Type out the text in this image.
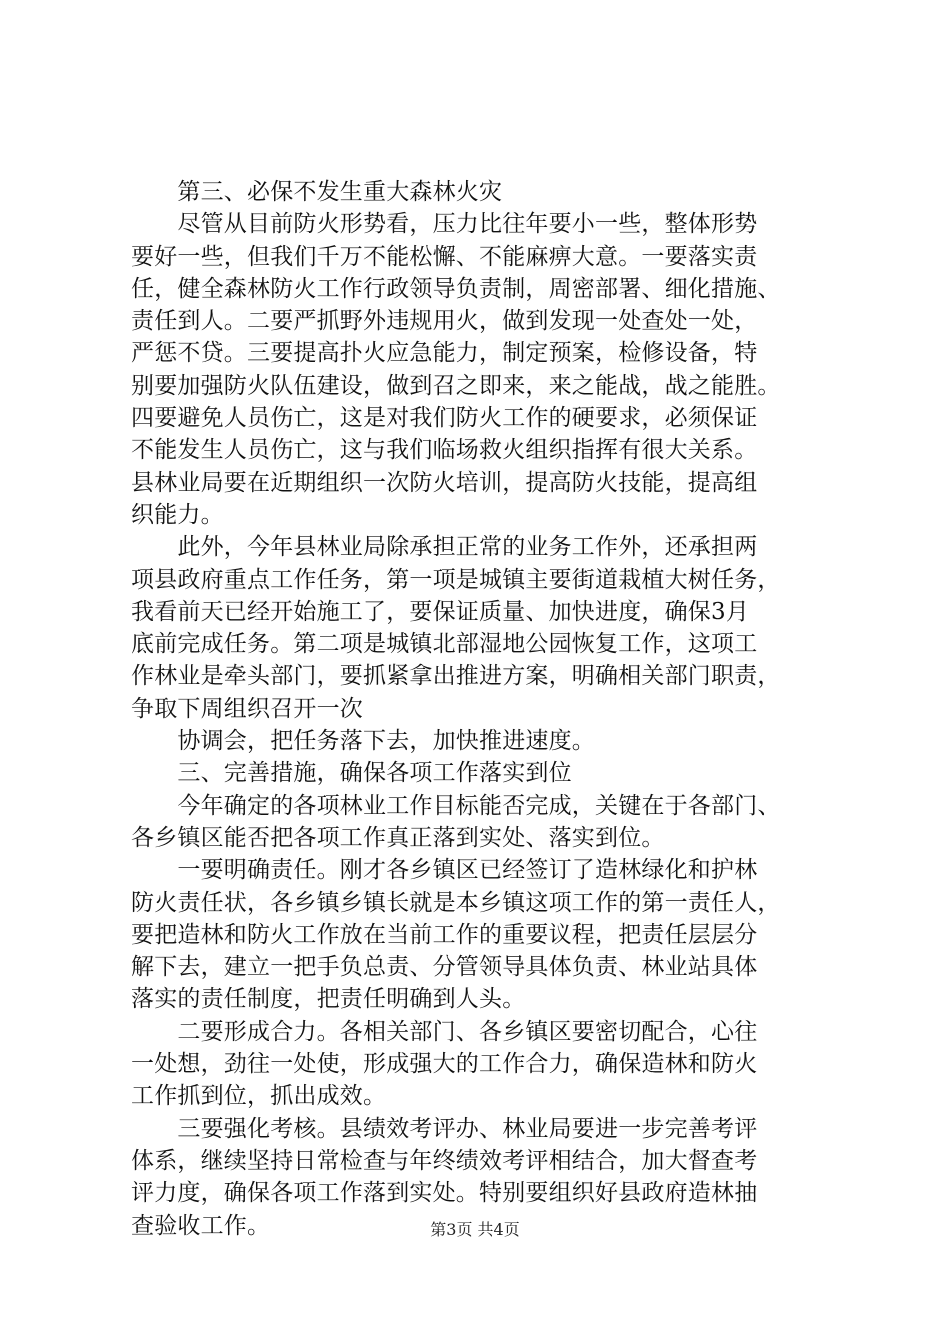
　　第三、必保不发生重大森林火灾
　　尽管从目前防火形势看，压力比往年要小一些，整体形势
要好一些，但我们千万不能松懈、不能麻痹大意。一要落实责
任，健全森林防火工作行政领导负责制，周密部署、细化措施、
责任到人。二要严抓野外违规用火，做到发现一处查处一处，
严惩不贷。三要提高扑火应急能力，制定预案，检修设备，特
别要加强防火队伍建设，做到召之即来，来之能战，战之能胜。
四要避免人员伤亡，这是对我们防火工作的硬要求，必须保证
不能发生人员伤亡，这与我们临场救火组织指挥有很大关系。
县林业局要在近期组织一次防火培训，提高防火技能，提高组
织能力。
　　此外，今年县林业局除承担正常的业务工作外，还承担两
项县政府重点工作任务，第一项是城镇主要街道栽植大树任务，
我看前天已经开始施工了，要保证质量、加快进度，确保3月
底前完成任务。第二项是城镇北部湿地公园恢复工作，这项工
作林业是牵头部门，要抓紧拿出推进方案，明确相关部门职责，
争取下周组织召开一次
　　协调会，把任务落下去，加快推进速度。
　　三、完善措施，确保各项工作落实到位
　　今年确定的各项林业工作目标能否完成，关键在于各部门、
各乡镇区能否把各项工作真正落到实处、落实到位。
　　一要明确责任。刚才各乡镇区已经签订了造林绿化和护林
防火责任状，各乡镇乡镇长就是本乡镇这项工作的第一责任人，
要把造林和防火工作放在当前工作的重要议程，把责任层层分
解下去，建立一把手负总责、分管领导具体负责、林业站具体
落实的责任制度，把责任明确到人头。
　　二要形成合力。各相关部门、各乡镇区要密切配合，心往
一处想，劲往一处使，形成强大的工作合力，确保造林和防火
工作抓到位，抓出成效。
　　三要强化考核。县绩效考评办、林业局要进一步完善考评
体系，继续坚持日常检查与年终绩效考评相结合，加大督查考
评力度，确保各项工作落到实处。特别要组织好县政府造林抽
查验收工作。	第3页 共4页
